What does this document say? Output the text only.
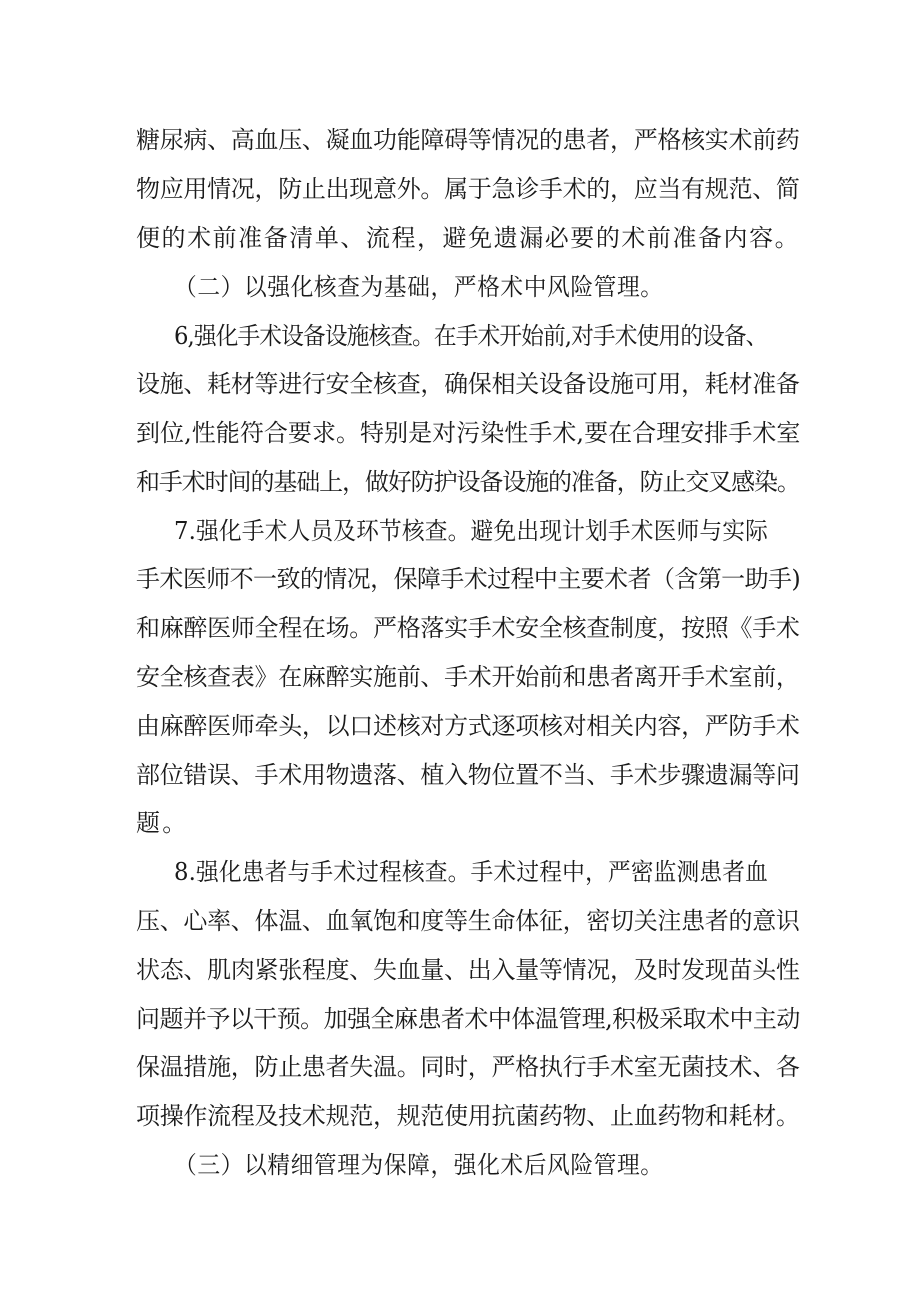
糖尿病、高血压、凝血功能障碍等情况的患者，严格核实术前药
物应用情况，防止出现意外。属于急诊手术的，应当有规范、简
便的术前准备清单、流程，避免遗漏必要的术前准备内容。
（二）以强化核查为基础，严格术中风险管理。
6,强化手术设备设施核查。在手术开始前,对手术使用的设备、
设施、耗材等进行安全核查，确保相关设备设施可用，耗材准备
到位,性能符合要求。特别是对污染性手术,要在合理安排手术室
和手术时间的基础上，做好防护设备设施的准备，防止交叉感染。
7.强化手术人员及环节核查。避免出现计划手术医师与实际
手术医师不一致的情况，保障手术过程中主要术者（含第一助手)
和麻醉医师全程在场。严格落实手术安全核查制度，按照《手术
安全核查表》在麻醉实施前、手术开始前和患者离开手术室前，
由麻醉医师牵头，以口述核对方式逐项核对相关内容，严防手术
部位错误、手术用物遗落、植入物位置不当、手术步骤遗漏等问
题。
8.强化患者与手术过程核查。手术过程中，严密监测患者血
压、心率、体温、血氧饱和度等生命体征，密切关注患者的意识
状态、肌肉紧张程度、失血量、出入量等情况，及时发现苗头性
问题并予以干预。加强全麻患者术中体温管理,积极采取术中主动
保温措施，防止患者失温。同时，严格执行手术室无菌技术、各
项操作流程及技术规范，规范使用抗菌药物、止血药物和耗材。
（三）以精细管理为保障，强化术后风险管理。
